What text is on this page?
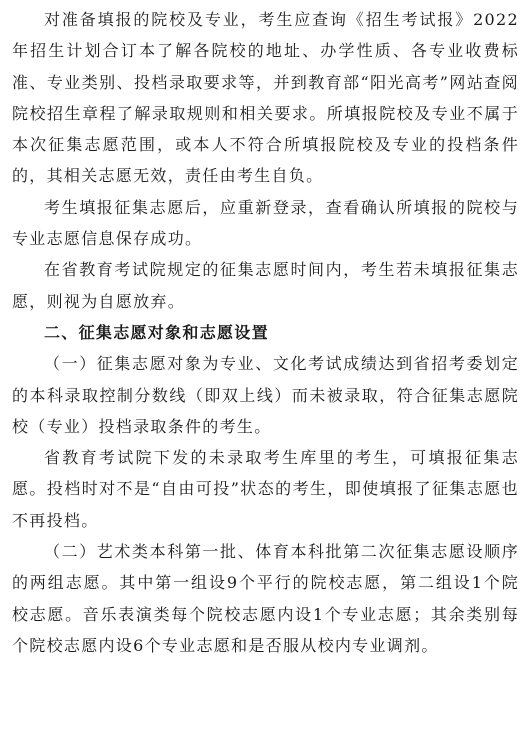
对准备填报的院校及专业，考生应查询《招生考试报》2022年招生计划合订本了解各院校的地址、办学性质、各专业收费标准、专业类别、投档录取要求等，并到教育部“阳光高考”网站查阅院校招生章程了解录取规则和相关要求。所填报院校及专业不属于本次征集志愿范围，或本人不符合所填报院校及专业的投档条件的，其相关志愿无效，责任由考生自负。

考生填报征集志愿后，应重新登录，查看确认所填报的院校与专业志愿信息保存成功。

在省教育考试院规定的征集志愿时间内，考生若未填报征集志愿，则视为自愿放弃。

二、征集志愿对象和志愿设置

（一）征集志愿对象为专业、文化考试成绩达到省招考委划定的本科录取控制分数线（即双上线）而未被录取，符合征集志愿院校（专业）投档录取条件的考生。

省教育考试院下发的未录取考生库里的考生，可填报征集志愿。投档时对不是“自由可投”状态的考生，即使填报了征集志愿也不再投档。

（二）艺术类本科第一批、体育本科批第二次征集志愿设顺序的两组志愿。其中第一组设9个平行的院校志愿，第二组设1个院校志愿。音乐表演类每个院校志愿内设1个专业志愿；其余类别每个院校志愿内设6个专业志愿和是否服从校内专业调剂。
